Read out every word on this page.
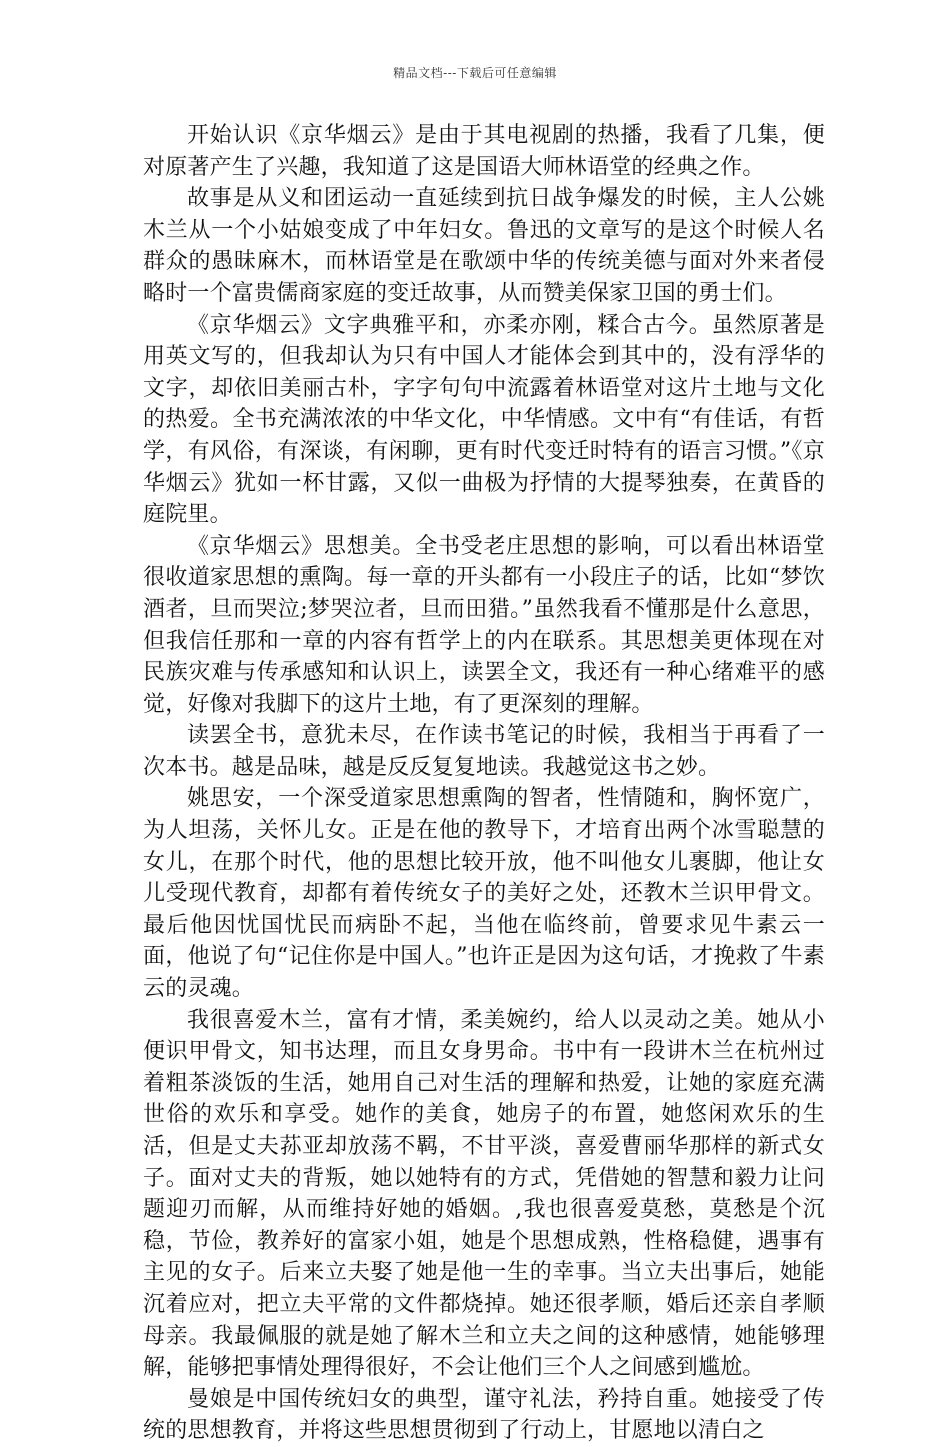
精品文档---下载后可任意编辑

开始认识《京华烟云》是由于其电视剧的热播，我看了几集，便对原著产生了兴趣，我知道了这是国语大师林语堂的经典之作。

故事是从义和团运动一直延续到抗日战争爆发的时候，主人公姚木兰从一个小姑娘变成了中年妇女。鲁迅的文章写的是这个时候人名群众的愚昧麻木，而林语堂是在歌颂中华的传统美德与面对外来者侵略时一个富贵儒商家庭的变迁故事，从而赞美保家卫国的勇士们。

《京华烟云》文字典雅平和，亦柔亦刚，糅合古今。虽然原著是用英文写的，但我却认为只有中国人才能体会到其中的，没有浮华的文字，却依旧美丽古朴，字字句句中流露着林语堂对这片土地与文化的热爱。全书充满浓浓的中华文化，中华情感。文中有“有佳话，有哲学，有风俗，有深谈，有闲聊，更有时代变迁时特有的语言习惯。”《京华烟云》犹如一杯甘露，又似一曲极为抒情的大提琴独奏，在黄昏的庭院里。

《京华烟云》思想美。全书受老庄思想的影响，可以看出林语堂很收道家思想的熏陶。每一章的开头都有一小段庄子的话，比如“梦饮酒者，旦而哭泣;梦哭泣者，旦而田猎。”虽然我看不懂那是什么意思，但我信任那和一章的内容有哲学上的内在联系。其思想美更体现在对民族灾难与传承感知和认识上，读罢全文，我还有一种心绪难平的感觉，好像对我脚下的这片土地，有了更深刻的理解。

读罢全书，意犹未尽，在作读书笔记的时候，我相当于再看了一次本书。越是品味，越是反反复复地读。我越觉这书之妙。

姚思安，一个深受道家思想熏陶的智者，性情随和，胸怀宽广，为人坦荡，关怀儿女。正是在他的教导下，才培育出两个冰雪聪慧的女儿，在那个时代，他的思想比较开放，他不叫他女儿裹脚，他让女儿受现代教育，却都有着传统女子的美好之处，还教木兰识甲骨文。最后他因忧国忧民而病卧不起，当他在临终前，曾要求见牛素云一面，他说了句“记住你是中国人。”也许正是因为这句话，才挽救了牛素云的灵魂。

我很喜爱木兰，富有才情，柔美婉约，给人以灵动之美。她从小便识甲骨文，知书达理，而且女身男命。书中有一段讲木兰在杭州过着粗茶淡饭的生活，她用自己对生活的理解和热爱，让她的家庭充满世俗的欢乐和享受。她作的美食，她房子的布置，她悠闲欢乐的生活，但是丈夫荪亚却放荡不羁，不甘平淡，喜爱曹丽华那样的新式女子。面对丈夫的背叛，她以她特有的方式，凭借她的智慧和毅力让问题迎刃而解，从而维持好她的婚姻。,我也很喜爱莫愁，莫愁是个沉稳，节俭，教养好的富家小姐，她是个思想成熟，性格稳健，遇事有主见的女子。后来立夫娶了她是他一生的幸事。当立夫出事后，她能沉着应对，把立夫平常的文件都烧掉。她还很孝顺，婚后还亲自孝顺母亲。我最佩服的就是她了解木兰和立夫之间的这种感情，她能够理解，能够把事情处理得很好，不会让他们三个人之间感到尴尬。

曼娘是中国传统妇女的典型，谨守礼法，矜持自重。她接受了传统的思想教育，并将这些思想贯彻到了行动上，甘愿地以清白之
